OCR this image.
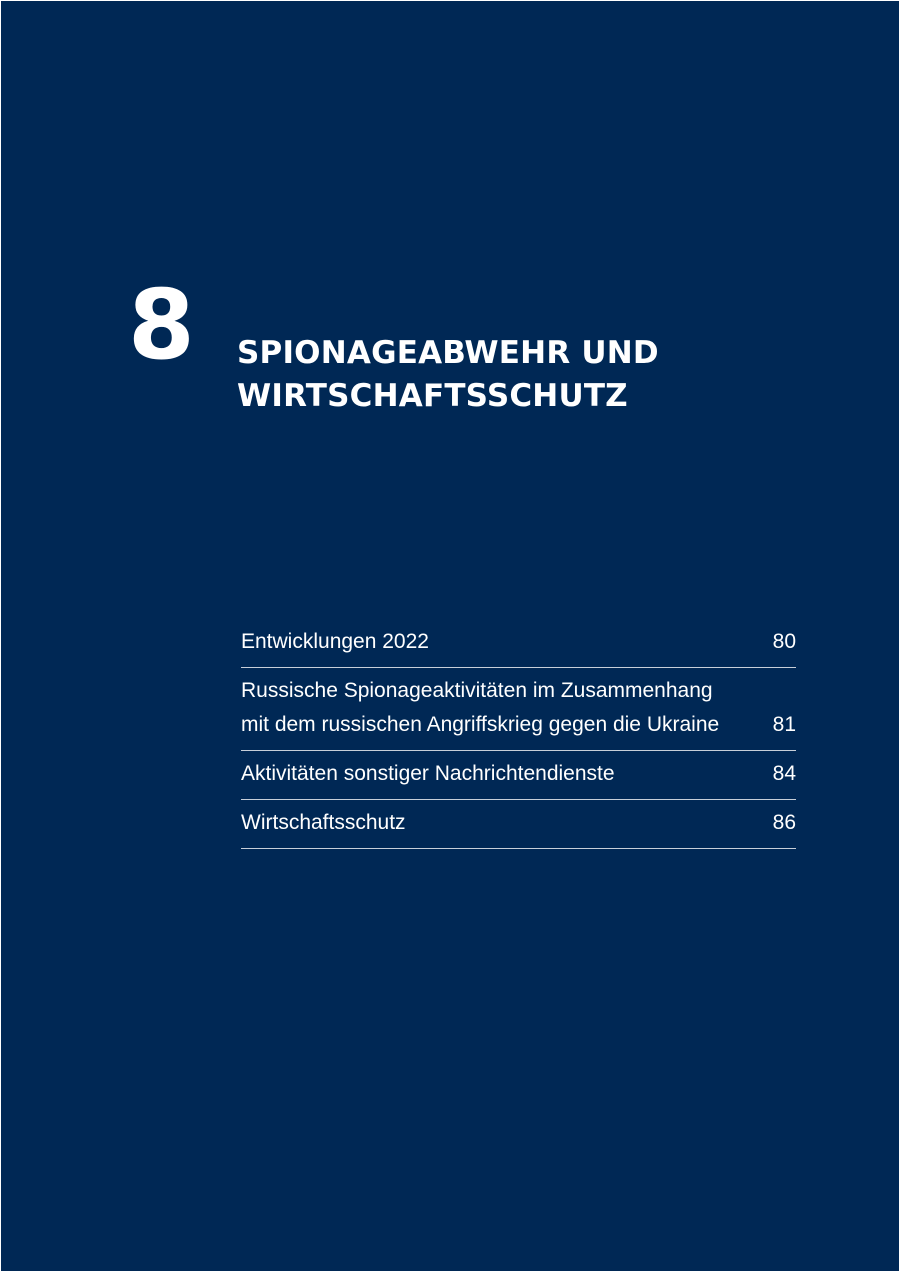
8 SPIONAGEABWEHR UND
WIRTSCHAFTSSCHUTZ
Entwicklungen 2022	80
Russische Spionageaktivitäten im Zusammenhang
mit dem russischen Angriffskrieg gegen die Ukraine	81
Aktivitäten sonstiger Nachrichtendienste	84
Wirtschaftsschutz	86
